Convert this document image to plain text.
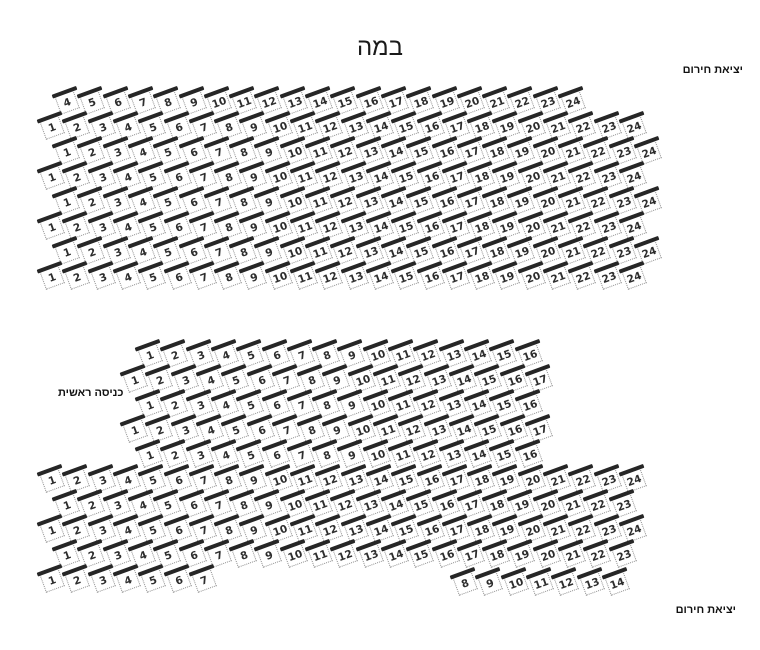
במה
יציאת חירום
כניסה ראשית
יציאת חירום
4	5	6	7	8	9	10 11 12 13 14 15 16 17 18 19 20 21 22 23 24
1	2	3	4	5	6	7	8	9	10 11 12 13 14 15 16 17 18 19 20 21 22 23 24
1	2	3	4	5	6	7	8	9	10 11 12 13 14 15 16 17 18 19 20 21 22 23 24
1	2	3	4	5	6	7	8	9	10 11 12 13 14 15 16 17 18 19 20 21 22 23 24
1	2	3	4	5	6	7	8	9	10 11 12 13 14 15 16 17 18 19 20 21 22 23 24
1	2	3	4	5	6	7	8	9	10 11 12 13 14 15 16 17 18 19 20 21 22 23 24
1	2	3	4	5	6	7	8	9	10 11 12 13 14 15 16 17 18 19 20 21 22 23 24
1	2	3	4	5	6	7	8	9	10 11 12 13 14 15 16 17 18 19 20 21 22 23 24
1	2	3	4	5	6	7	8	9	10 11 12 13 14 15 16
1	2	3	4	5	6	7	8	9	10 11 12 13 14 15 16 17
1	2	3	4	5	6	7	8	9	10 11 12 13 14 15 16
1	2	3	4	5	6	7	8	9	10 11 12 13 14 15 16 17
1	2	3	4	5	6	7	8	9	10 11 12 13 14 15 16
1	2	3	4	5	6	7	8	9	10 11 12 13 14 15 16 17 18 19 20 21 22 23 24
1	2	3	4	5	6	7	8	9	10 11 12 13 14 15 16 17 18 19 20 21 22 23
1	2	3	4	5	6	7	8	9	10 11 12 13 14 15 16 17 18 19 20 21 22 23 24
1	2	3	4	5	6	7	8	9	10 11 12 13 14 15 16 17 18 19 20 21 22 23
1	2	3	4	5	6	7	8	9	10 11 12 13 14
